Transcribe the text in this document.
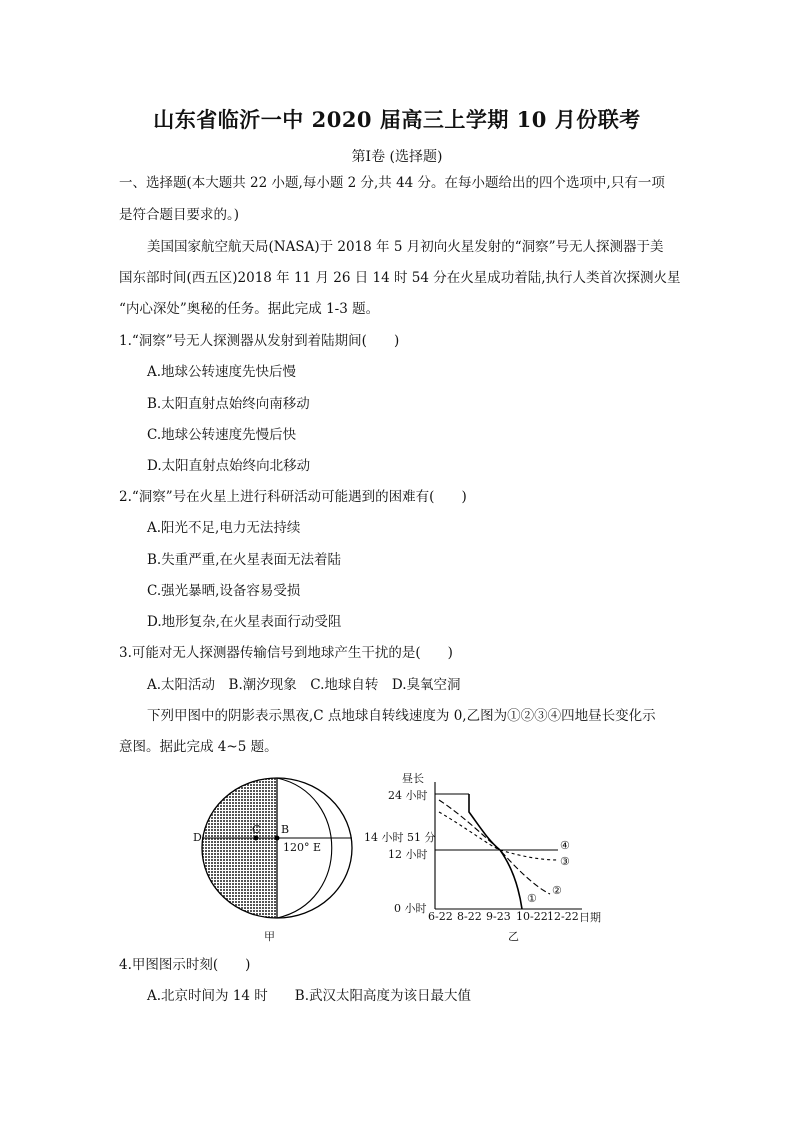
山东省临沂一中 2020 届高三上学期 10 月份联考
第Ⅰ卷 (选择题)
一、选择题(本大题共 22 小题,每小题 2 分,共 44 分。在每小题给出的四个选项中,只有一项
是符合题目要求的。)
美国国家航空航天局(NASA)于 2018 年 5 月初向火星发射的“洞察”号无人探测器于美
国东部时间(西五区)2018 年 11 月 26 日 14 时 54 分在火星成功着陆,执行人类首次探测火星
“内心深处”奥秘的任务。据此完成 1-3 题。
1.“洞察”号无人探测器从发射到着陆期间(　　)
A.地球公转速度先快后慢
B.太阳直射点始终向南移动
C.地球公转速度先慢后快
D.太阳直射点始终向北移动
2.“洞察”号在火星上进行科研活动可能遇到的困难有(　　)
A.阳光不足,电力无法持续
B.失重严重,在火星表面无法着陆
C.强光暴晒,设备容易受损
D.地形复杂,在火星表面行动受阻
3.可能对无人探测器传输信号到地球产生干扰的是(　　)
A.太阳活动　B.潮汐现象　C.地球自转　D.臭氧空洞
下列甲图中的阴影表示黑夜,C 点地球自转线速度为 0,乙图为①②③④四地昼长变化示
意图。据此完成 4~5 题。
D
C B
120° E
甲
昼长
24 小时
14 小时 51 分
12 小时
0 小时
6-22 8-22 9-23 10-22 12-22 日期
①
②
③
④
乙
4.甲图图示时刻(　　)
A.北京时间为 14 时　　B.武汉太阳高度为该日最大值
